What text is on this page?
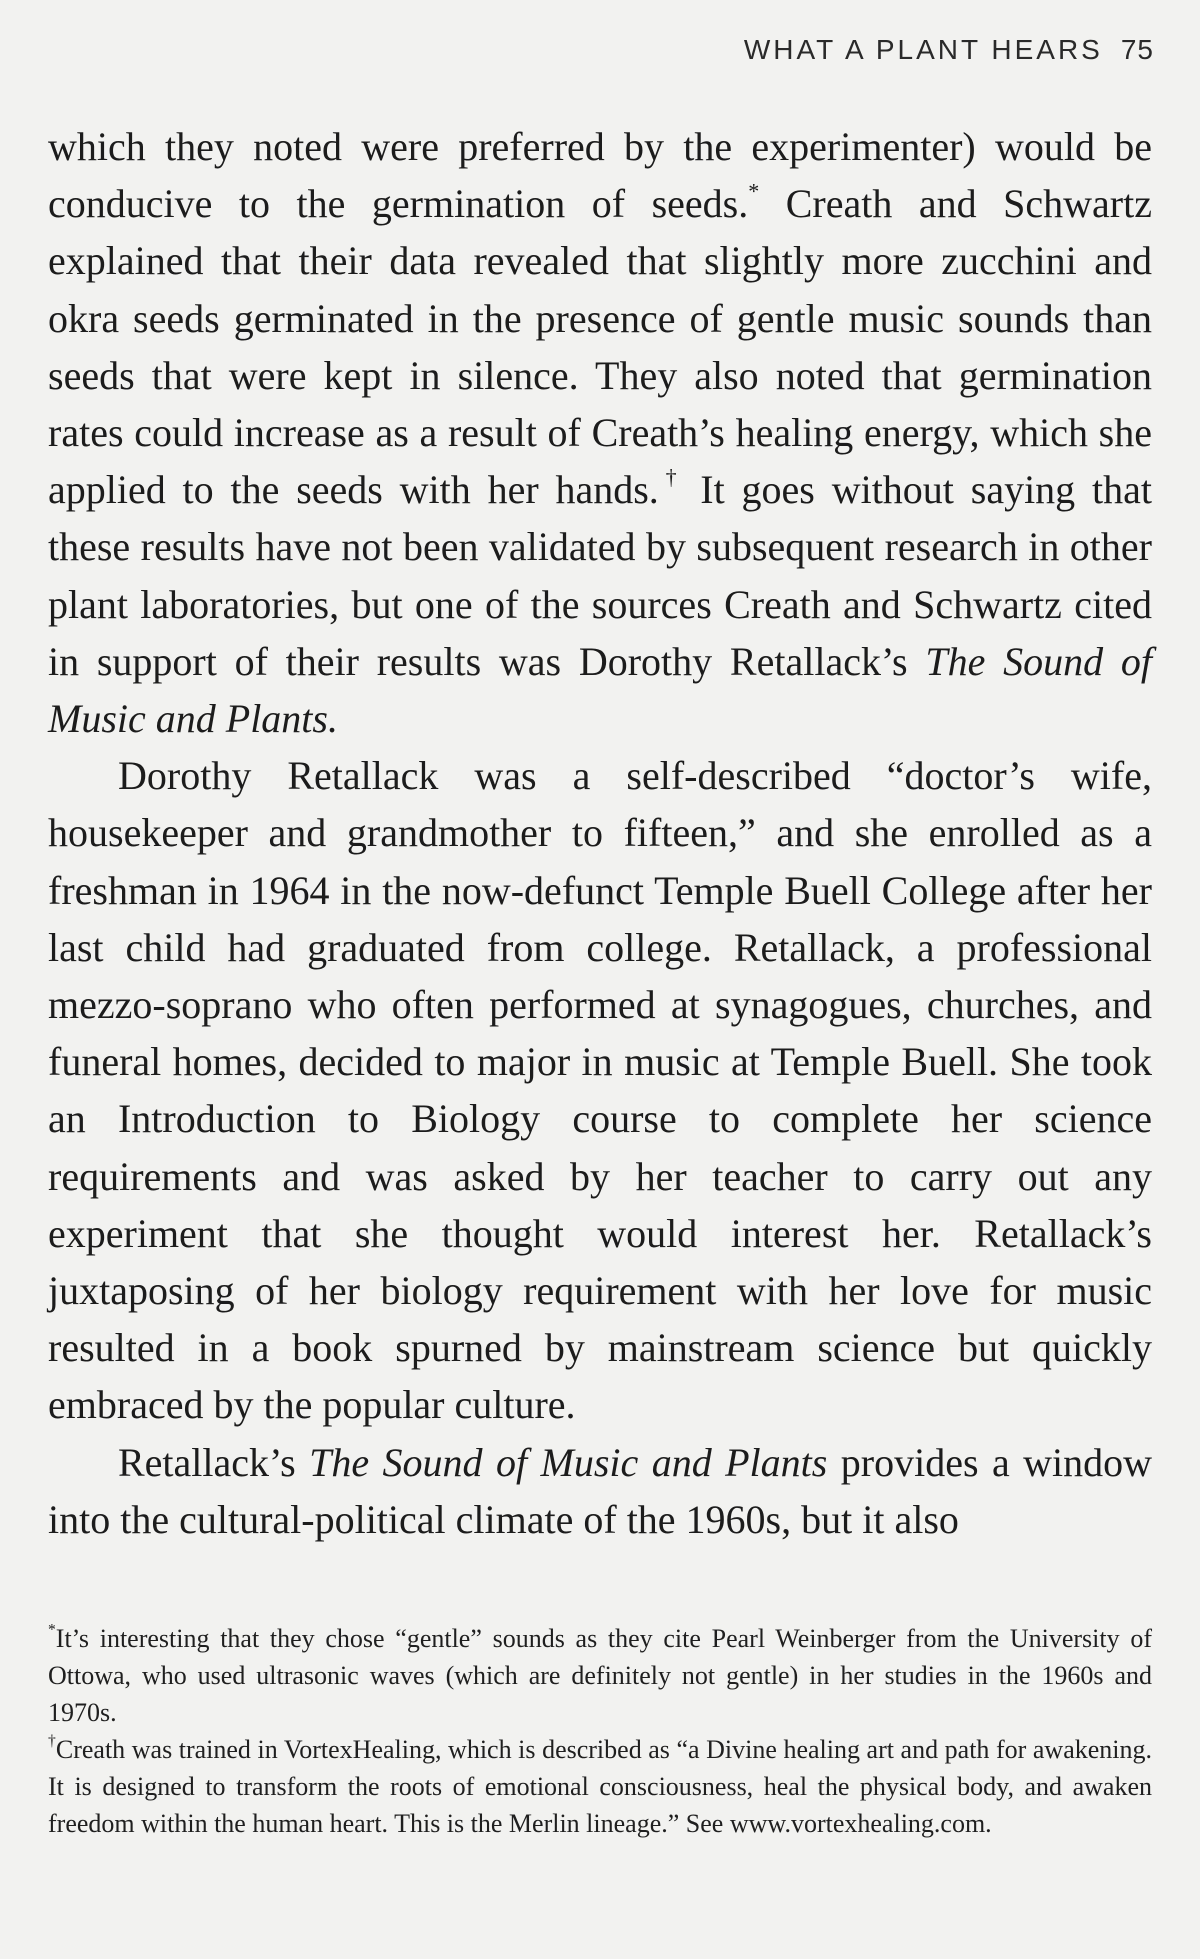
WHAT A PLANT HEARS 75

which they noted were preferred by the experimenter) would be conducive to the germination of seeds.* Creath and Schwartz explained that their data revealed that slightly more zucchini and okra seeds germinated in the presence of gentle music sounds than seeds that were kept in silence. They also noted that germination rates could increase as a result of Creath’s healing energy, which she applied to the seeds with her hands.† It goes without saying that these results have not been validated by subsequent research in other plant laboratories, but one of the sources Creath and Schwartz cited in support of their results was Dorothy Retallack’s The Sound of Music and Plants.

Dorothy Retallack was a self-described “doctor’s wife, housekeeper and grandmother to fifteen,” and she enrolled as a freshman in 1964 in the now-defunct Temple Buell College after her last child had graduated from college. Retallack, a professional mezzo-soprano who often performed at synagogues, churches, and funeral homes, decided to major in music at Temple Buell. She took an Introduction to Biology course to complete her science requirements and was asked by her teacher to carry out any experiment that she thought would interest her. Retallack’s juxtaposing of her biology requirement with her love for music resulted in a book spurned by mainstream science but quickly embraced by the popular culture.

Retallack’s The Sound of Music and Plants provides a window into the cultural-political climate of the 1960s, but it also

*It’s interesting that they chose “gentle” sounds as they cite Pearl Weinberger from the University of Ottowa, who used ultrasonic waves (which are definitely not gentle) in her studies in the 1960s and 1970s.

†Creath was trained in VortexHealing, which is described as “a Divine healing art and path for awakening. It is designed to transform the roots of emotional consciousness, heal the physical body, and awaken freedom within the human heart. This is the Merlin lineage.” See www.vortexhealing.com.
